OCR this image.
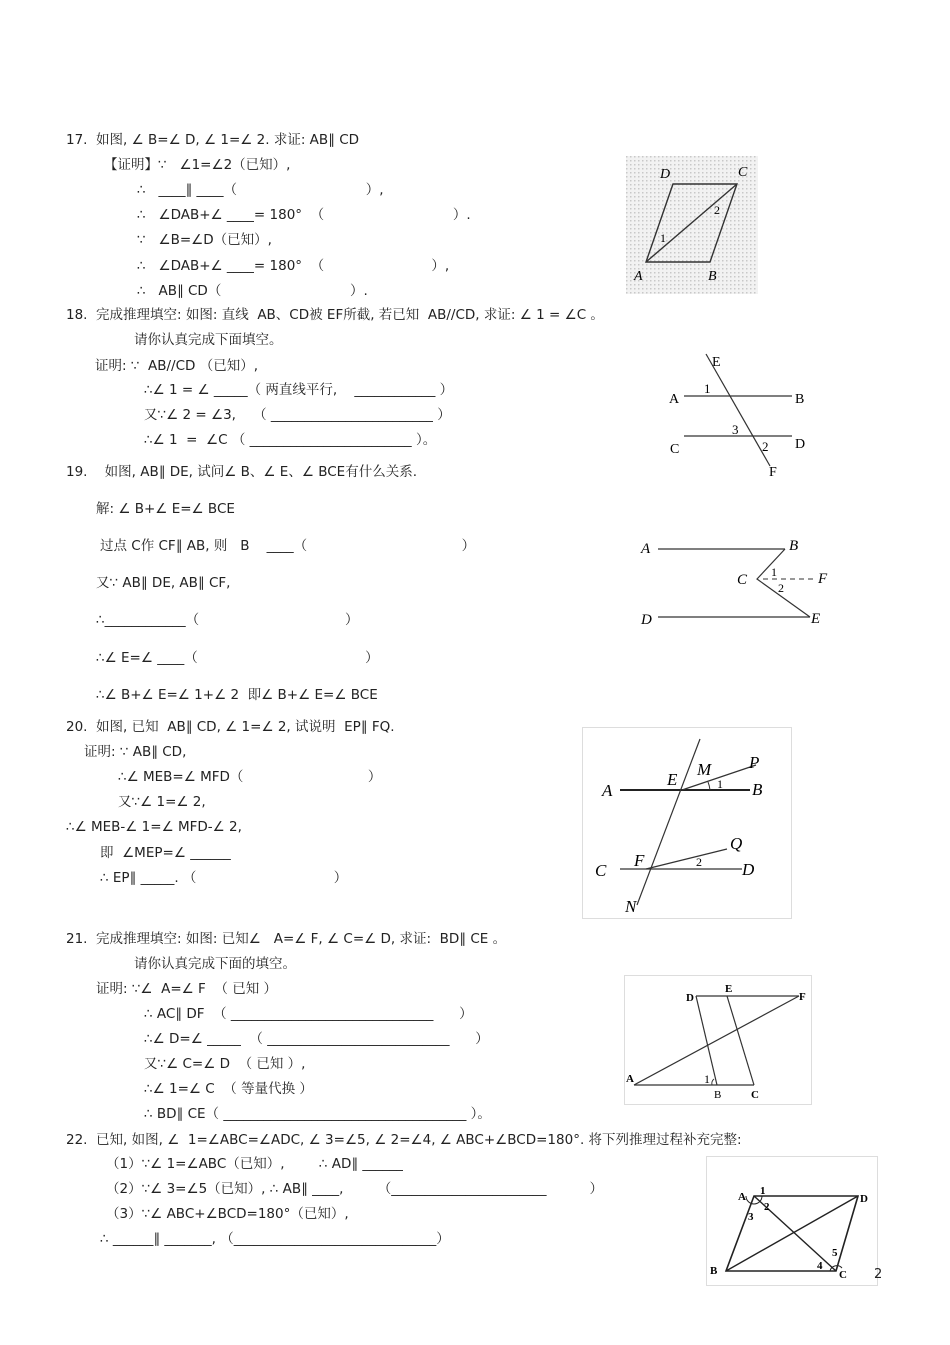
17.  如图, ∠ B=∠ D, ∠ 1=∠ 2. 求证: AB∥ CD
【证明】∵   ∠1=∠2（已知）,
∴   ____∥ ____（                              ）,
∴   ∠DAB+∠ ____= 180°  （                              ）.
∵   ∠B=∠D（已知）,
∴   ∠DAB+∠ ____= 180°  （                         ）,
∴   AB∥ CD（                              ）.
D	C
A	B
1
2
18.  完成推理填空: 如图: 直线  AB、CD被 EF所截, 若已知  AB//CD, 求证: ∠ 1 = ∠C 。
请你认真完成下面填空。
证明: ∵  AB//CD （已知）,
∴∠ 1 = ∠ _____（ 两直线平行,    ____________ ）
又∵∠ 2 = ∠3,    （ ________________________ ）
∴∠ 1  =  ∠C （ ________________________ ）。
E
A	B
1
3
2
C	D
F
19.    如图, AB∥ DE, 试问∠ B、∠ E、∠ BCE有什么关系.
解: ∠ B+∠ E=∠ BCE
过点 C作 CF∥ AB, 则   B    ____（                                    ）
又∵ AB∥ DE, AB∥ CF,
∴____________（                                  ）
∴∠ E=∠ ____（                                       ）
∴∠ B+∠ E=∠ 1+∠ 2  即∠ B+∠ E=∠ BCE
A	B
C	F
D	E
1
2
20.  如图, 已知  AB∥ CD, ∠ 1=∠ 2, 试说明  EP∥ FQ.
证明: ∵ AB∥ CD,
∴∠ MEB=∠ MFD（                             ）
又∵∠ 1=∠ 2,
∴∠ MEB-∠ 1=∠ MFD-∠ 2,
即  ∠MEP=∠ ______
∴ EP∥ _____. （                                ）
M P
A
E
B
1
Q
C
F	D
2
N
21.  完成推理填空: 如图: 已知∠   A=∠ F, ∠ C=∠ D, 求证:  BD∥ CE 。
请你认真完成下面的填空。
证明: ∵∠  A=∠ F  （ 已知 ）
∴ AC∥ DF  （ ______________________________      ）
∴∠ D=∠ _____  （ ___________________________      ）
又∵∠ C=∠ D  （ 已知 ）,
∴∠ 1=∠ C  （ 等量代换 ）
∴ BD∥ CE（ ____________________________________ ）。
D
E
F
A	1
B	C
22.  已知, 如图, ∠  1=∠ABC=∠ADC, ∠ 3=∠5, ∠ 2=∠4, ∠ ABC+∠BCD=180°. 将下列推理过程补充完整:
（1）∵∠ 1=∠ABC（已知）,        ∴ AD∥ ______
（2）∵∠ 3=∠5（已知）, ∴ AB∥ ____,        （_______________________          ）
（3）∵∠ ABC+∠BCD=180°（已知）,
∴ ______∥ _______, （______________________________）
A 1
2
3
D
B
5
4
C 2
